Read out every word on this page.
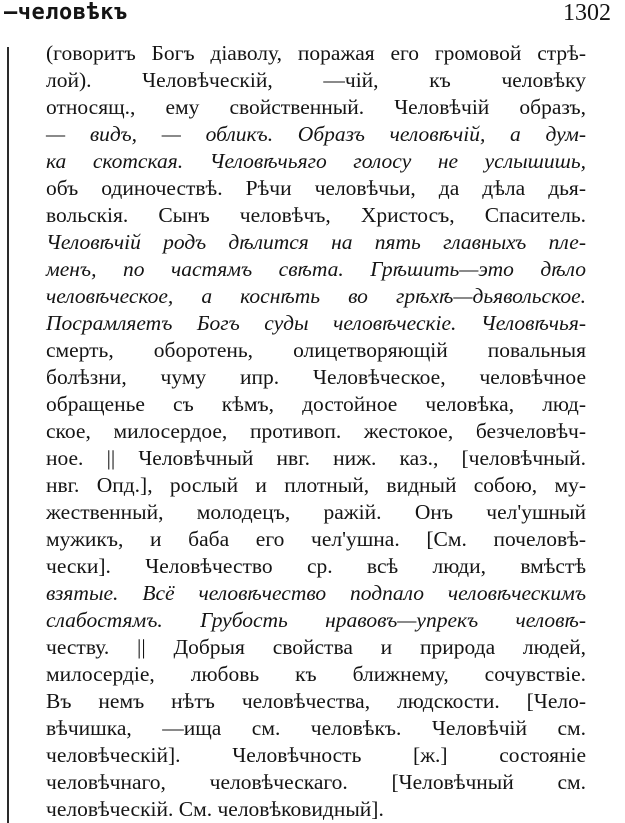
—человѣкъ	1302
(говоритъ Богъ діаволу, поражая его громовой стрѣ-
лой). Человѣческій, —чій, къ человѣку
относящ., ему свойственный. Человѣчій образъ,
— видъ, — обликъ. Образъ человѣчій, а дум-
ка скотская. Человѣчьяго голосу не услышишь,
объ одиночествѣ. Рѣчи человѣчьи, да дѣла дья-
вольскія. Сынъ человѣчъ, Христосъ, Спаситель.
Человѣчій родъ дѣлится на пять главныхъ пле-
менъ, по частямъ свѣта. Грѣшить—это дѣло
человѣческое, а коснѣть во грѣхѣ—дьявольское.
Посрамляетъ Богъ суды человѣческіе. Человѣчья-
смерть, оборотень, олицетворяющій повальныя
болѣзни, чуму ипр. Человѣческое, человѣчное
обращенье съ кѣмъ, достойное человѣка, люд-
ское, милосердое, противоп. жестокое, безчеловѣч-
ное. || Человѣчный нвг. ниж. каз., [человѣчный.
нвг. Опд.], рослый и плотный, видный собою, му-
жественный, молодецъ, ражій. Онъ чел'ушный
мужикъ, и баба его чел'ушна. [См. почеловѣ-
чески]. Человѣчество ср. всѣ люди, вмѣстѣ
взятые. Всё человѣчество подпало человѣческимъ
слабостямъ. Грубость нравовъ—упрекъ человѣ-
честву. || Добрыя свойства и природа людей,
милосердіе, любовь къ ближнему, сочувствіе.
Въ немъ нѣтъ человѣчества, людскости. [Чело-
вѣчишка, —ища см. человѣкъ. Человѣчій см.
человѣческій]. Человѣчность [ж.] состояніе
человѣчнаго, человѣческаго. [Человѣчный см.
человѣческій. См. человѣковидный].
